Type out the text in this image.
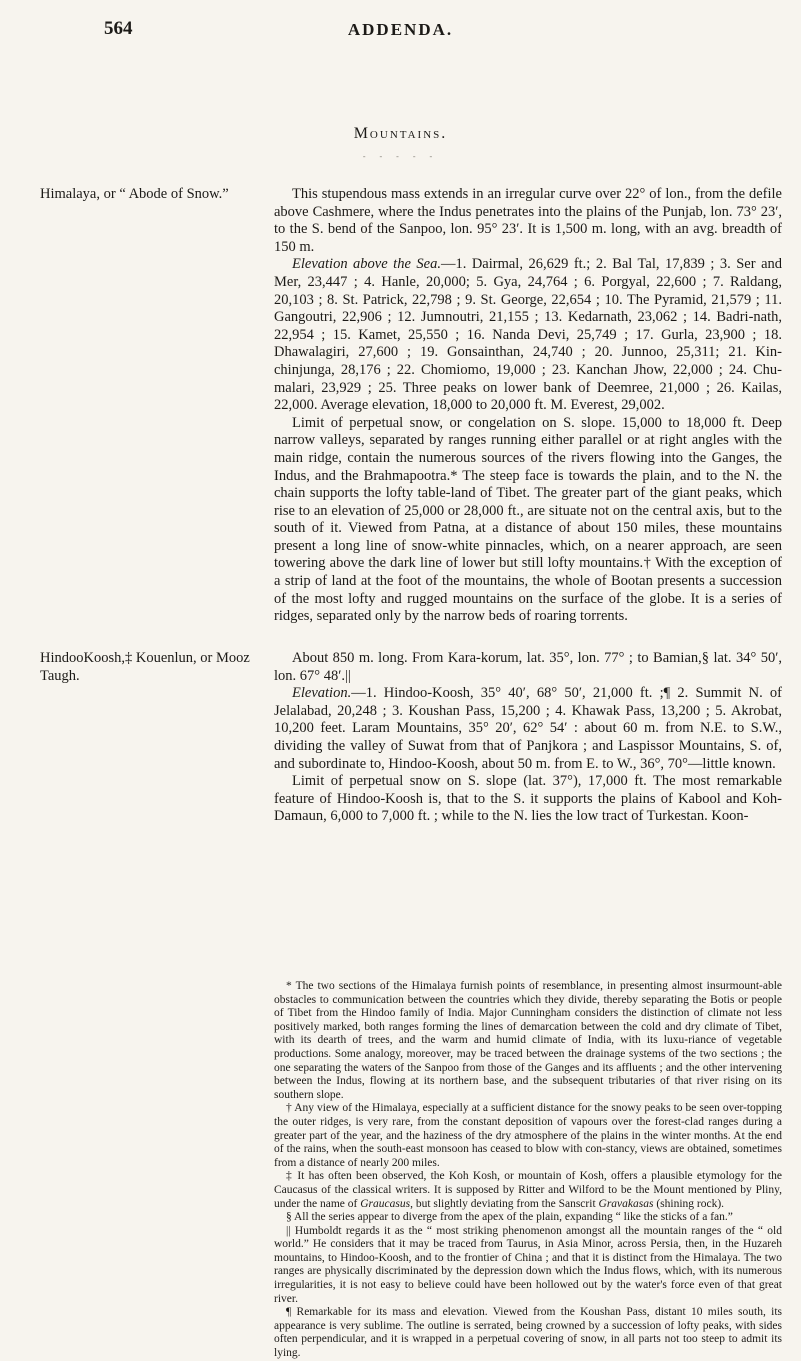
564	ADDENDA.
Mountains.
- - - - -
Himalaya, or “ Abode of Snow.”	This stupendous mass extends in an irregular curve over 22° of lon., from the defile above Cashmere, where the Indus penetrates into the plains of the Punjab, lon. 73° 23′, to the S. bend of the Sanpoo, lon. 95° 23′. It is 1,500 m. long, with an avg. breadth of 150 m.

Elevation above the Sea.—1. Dairmal, 26,629 ft.; 2. Bal Tal, 17,839 ; 3. Ser and Mer, 23,447 ; 4. Hanle, 20,000; 5. Gya, 24,764 ; 6. Porgyal, 22,600 ; 7. Raldang, 20,103 ; 8. St. Patrick, 22,798 ; 9. St. George, 22,654 ; 10. The Pyramid, 21,579 ; 11. Gangoutri, 22,906 ; 12. Jumnoutri, 21,155 ; 13. Kedarnath, 23,062 ; 14. Badri-nath, 22,954 ; 15. Kamet, 25,550 ; 16. Nanda Devi, 25,749 ; 17. Gurla, 23,900 ; 18. Dhawalagiri, 27,600 ; 19. Gonsainthan, 24,740 ; 20. Junnoo, 25,311; 21. Kin-chinjunga, 28,176 ; 22. Chomiomo, 19,000 ; 23. Kanchan Jhow, 22,000 ; 24. Chu-malari, 23,929 ; 25. Three peaks on lower bank of Deemree, 21,000 ; 26. Kailas, 22,000. Average elevation, 18,000 to 20,000 ft. M. Everest, 29,002.

Limit of perpetual snow, or congelation on S. slope. 15,000 to 18,000 ft. Deep narrow valleys, separated by ranges running either parallel or at right angles with the main ridge, contain the numerous sources of the rivers flowing into the Ganges, the Indus, and the Brahmapootra.* The steep face is towards the plain, and to the N. the chain supports the lofty table-land of Tibet. The greater part of the giant peaks, which rise to an elevation of 25,000 or 28,000 ft., are situate not on the central axis, but to the south of it. Viewed from Patna, at a distance of about 150 miles, these mountains present a long line of snow-white pinnacles, which, on a nearer approach, are seen towering above the dark line of lower but still lofty mountains.† With the exception of a strip of land at the foot of the mountains, the whole of Bootan presents a succession of the most lofty and rugged mountains on the surface of the globe. It is a series of ridges, separated only by the narrow beds of roaring torrents.

HindooKoosh,‡ Kouenlun, or Mooz Taugh.

About 850 m. long. From Kara-korum, lat. 35°, lon. 77° ; to Bamian,§ lat. 34° 50′, lon. 67° 48′.||

Elevation.—1. Hindoo-Koosh, 35° 40′, 68° 50′, 21,000 ft. ;¶ 2. Summit N. of Jelalabad, 20,248 ; 3. Koushan Pass, 15,200 ; 4. Khawak Pass, 13,200 ; 5. Akrobat, 10,200 feet. Laram Mountains, 35° 20′, 62° 54′ : about 60 m. from N.E. to S.W., dividing the valley of Suwat from that of Panjkora ; and Laspissor Mountains, S. of, and subordinate to, Hindoo-Koosh, about 50 m. from E. to W., 36°, 70°—little known.

Limit of perpetual snow on S. slope (lat. 37°), 17,000 ft. The most remarkable feature of Hindoo-Koosh is, that to the S. it supports the plains of Kabool and Koh-Damaun, 6,000 to 7,000 ft. ; while to the N. lies the low tract of Turkestan. Koon-

* The two sections of the Himalaya furnish points of resemblance, in presenting almost insurmount-able obstacles to communication between the countries which they divide, thereby separating the Botis or people of Tibet from the Hindoo family of India. Major Cunningham considers the distinction of climate not less positively marked, both ranges forming the lines of demarcation between the cold and dry climate of Tibet, with its dearth of trees, and the warm and humid climate of India, with its luxu-riance of vegetable productions. Some analogy, moreover, may be traced between the drainage systems of the two sections ; the one separating the waters of the Sanpoo from those of the Ganges and its affluents ; and the other intervening between the Indus, flowing at its northern base, and the subsequent tributaries of that river rising on its southern slope.

† Any view of the Himalaya, especially at a sufficient distance for the snowy peaks to be seen over-topping the outer ridges, is very rare, from the constant deposition of vapours over the forest-clad ranges during a greater part of the year, and the haziness of the dry atmosphere of the plains in the winter months. At the end of the rains, when the south-east monsoon has ceased to blow with con-stancy, views are obtained, sometimes from a distance of nearly 200 miles.

‡ It has often been observed, the Koh Kosh, or mountain of Kosh, offers a plausible etymology for the Caucasus of the classical writers. It is supposed by Ritter and Wilford to be the Mount mentioned by Pliny, under the name of Graucasus, but slightly deviating from the Sanscrit Gravakasas (shining rock).

§ All the series appear to diverge from the apex of the plain, expanding “ like the sticks of a fan.”

|| Humboldt regards it as the “ most striking phenomenon amongst all the mountain ranges of the “ old world.” He considers that it may be traced from Taurus, in Asia Minor, across Persia, then, in the Huzareh mountains, to Hindoo-Koosh, and to the frontier of China ; and that it is distinct from the Himalaya. The two ranges are physically discriminated by the depression down which the Indus flows, which, with its numerous irregularities, it is not easy to believe could have been hollowed out by the water's force even of that great river.

¶ Remarkable for its mass and elevation. Viewed from the Koushan Pass, distant 10 miles south, its appearance is very sublime. The outline is serrated, being crowned by a succession of lofty peaks, with sides often perpendicular, and it is wrapped in a perpetual covering of snow, in all parts not too steep to admit its lying.
